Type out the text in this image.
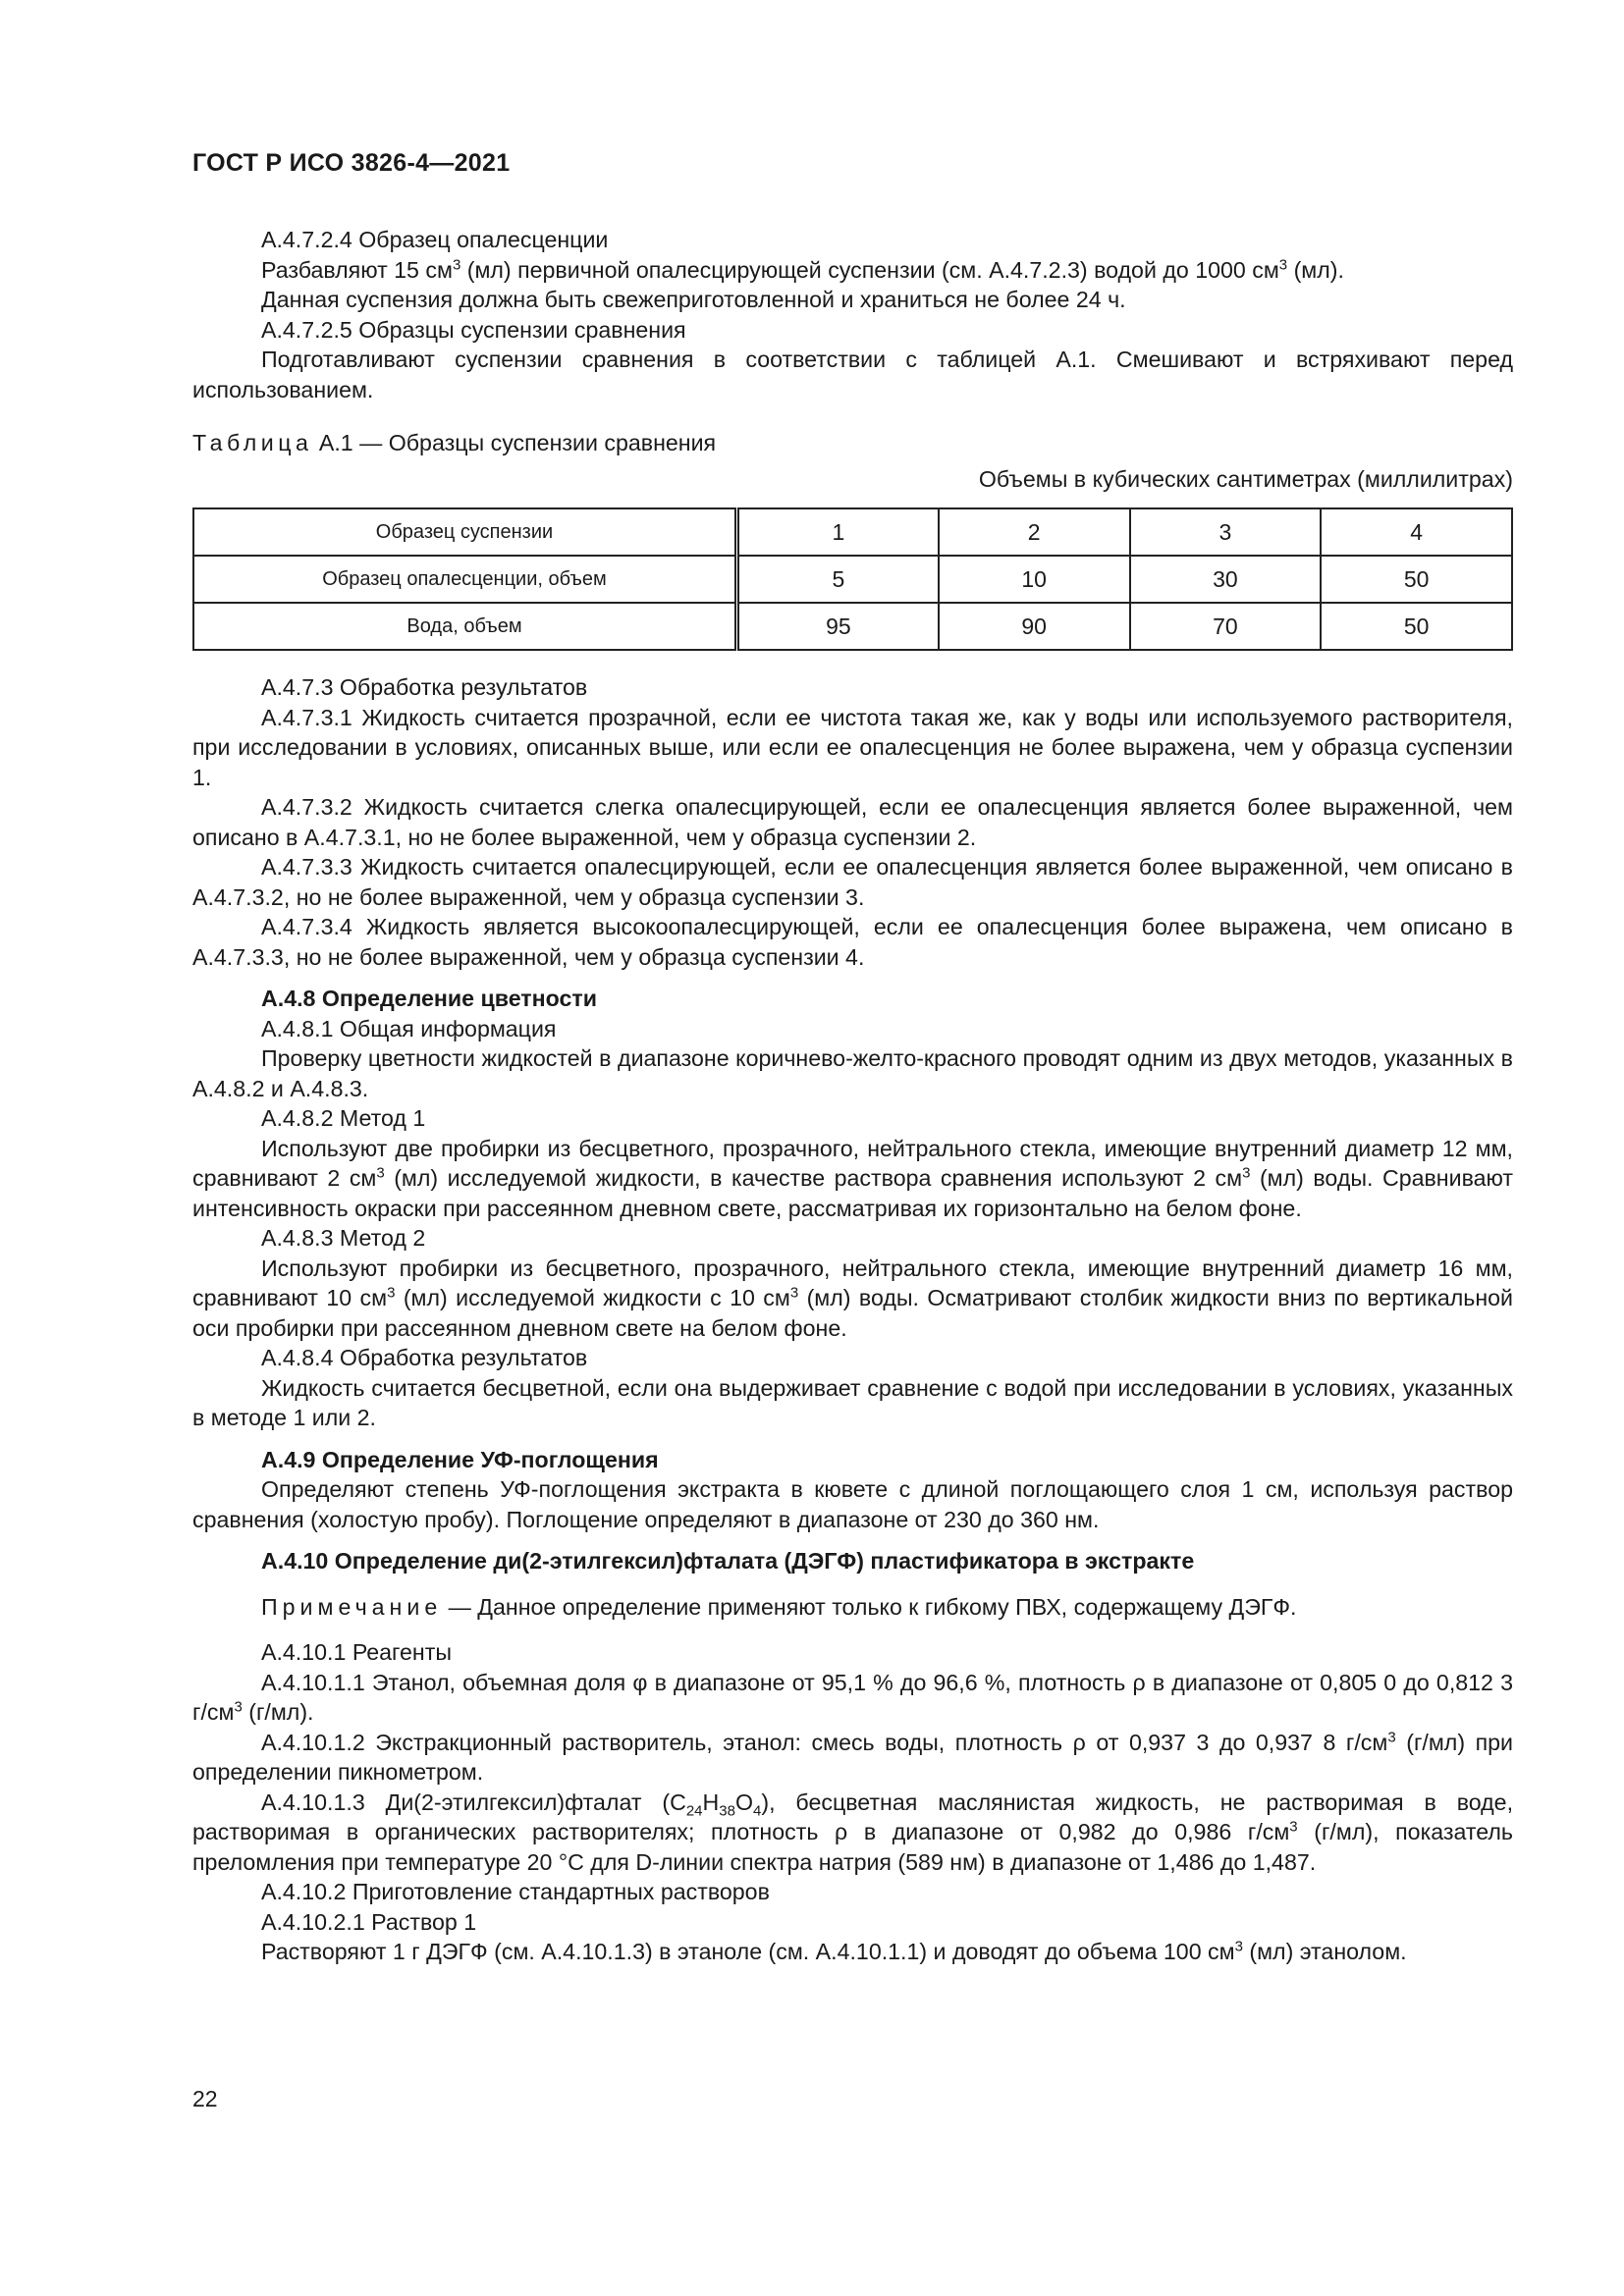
ГОСТ Р ИСО 3826-4—2021

А.4.7.2.4 Образец опалесценции

Разбавляют 15 $см^3$ (мл) первичной опалесцирующей суспензии (см. А.4.7.2.3) водой до 1000 $см^3$ (мл).

Данная суспензия должна быть свежеприготовленной и храниться не более 24 ч.

А.4.7.2.5 Образцы суспензии сравнения

Подготавливают суспензии сравнения в соответствии с таблицей А.1. Смешивают и встряхивают перед использованием.

Таблица А.1 — Образцы суспензии сравнения

Объемы в кубических сантиметрах (миллилитрах)

Образец суспензии	1	2	3	4
Образец опалесценции, объем	5	10	30	50
Вода, объем	95	90	70	50

А.4.7.3 Обработка результатов

А.4.7.3.1 Жидкость считается прозрачной, если ее чистота такая же, как у воды или используемого растворителя, при исследовании в условиях, описанных выше, или если ее опалесценция не более выражена, чем у образца суспензии 1.

А.4.7.3.2 Жидкость считается слегка опалесцирующей, если ее опалесценция является более выраженной, чем описано в А.4.7.3.1, но не более выраженной, чем у образца суспензии 2.

А.4.7.3.3 Жидкость считается опалесцирующей, если ее опалесценция является более выраженной, чем описано в А.4.7.3.2, но не более выраженной, чем у образца суспензии 3.

А.4.7.3.4 Жидкость является высокоопалесцирующей, если ее опалесценция более выражена, чем описано в А.4.7.3.3, но не более выраженной, чем у образца суспензии 4.

А.4.8 Определение цветности

А.4.8.1 Общая информация

Проверку цветности жидкостей в диапазоне коричнево-желто-красного проводят одним из двух методов, указанных в А.4.8.2 и А.4.8.3.

А.4.8.2 Метод 1

Используют две пробирки из бесцветного, прозрачного, нейтрального стекла, имеющие внутренний диаметр 12 мм, сравнивают 2 $см^3$ (мл) исследуемой жидкости, в качестве раствора сравнения используют 2 $см^3$ (мл) воды. Сравнивают интенсивность окраски при рассеянном дневном свете, рассматривая их горизонтально на белом фоне.

А.4.8.3 Метод 2

Используют пробирки из бесцветного, прозрачного, нейтрального стекла, имеющие внутренний диаметр 16 мм, сравнивают 10 $см^3$ (мл) исследуемой жидкости с 10 $см^3$ (мл) воды. Осматривают столбик жидкости вниз по вертикальной оси пробирки при рассеянном дневном свете на белом фоне.

А.4.8.4 Обработка результатов

Жидкость считается бесцветной, если она выдерживает сравнение с водой при исследовании в условиях, указанных в методе 1 или 2.

А.4.9 Определение УФ-поглощения

Определяют степень УФ-поглощения экстракта в кювете с длиной поглощающего слоя 1 см, используя раствор сравнения (холостую пробу). Поглощение определяют в диапазоне от 230 до 360 нм.

А.4.10 Определение ди(2-этилгексил)фталата (ДЭГФ) пластификатора в экстракте

Примечание — Данное определение применяют только к гибкому ПВХ, содержащему ДЭГФ.

А.4.10.1 Реагенты

А.4.10.1.1 Этанол, объемная доля φ в диапазоне от 95,1 % до 96,6 %, плотность ρ в диапазоне от 0,805 0 до 0,812 3 $г/см^3$ (г/мл).

А.4.10.1.2 Экстракционный растворитель, этанол: смесь воды, плотность ρ от 0,937 3 до 0,937 8 $г/см^3$ (г/мл) при определении пикнометром.

А.4.10.1.3 Ди(2-этилгексил)фталат $(C_{24}H_{38}O_4)$, бесцветная маслянистая жидкость, не растворимая в воде, растворимая в органических растворителях; плотность ρ в диапазоне от 0,982 до 0,986 $г/см^3$ (г/мл), показатель преломления при температуре 20 °C для D-линии спектра натрия (589 нм) в диапазоне от 1,486 до 1,487.

А.4.10.2 Приготовление стандартных растворов

А.4.10.2.1 Раствор 1

Растворяют 1 г ДЭГФ (см. А.4.10.1.3) в этаноле (см. А.4.10.1.1) и доводят до объема 100 $см^3$ (мл) этанолом.

22
